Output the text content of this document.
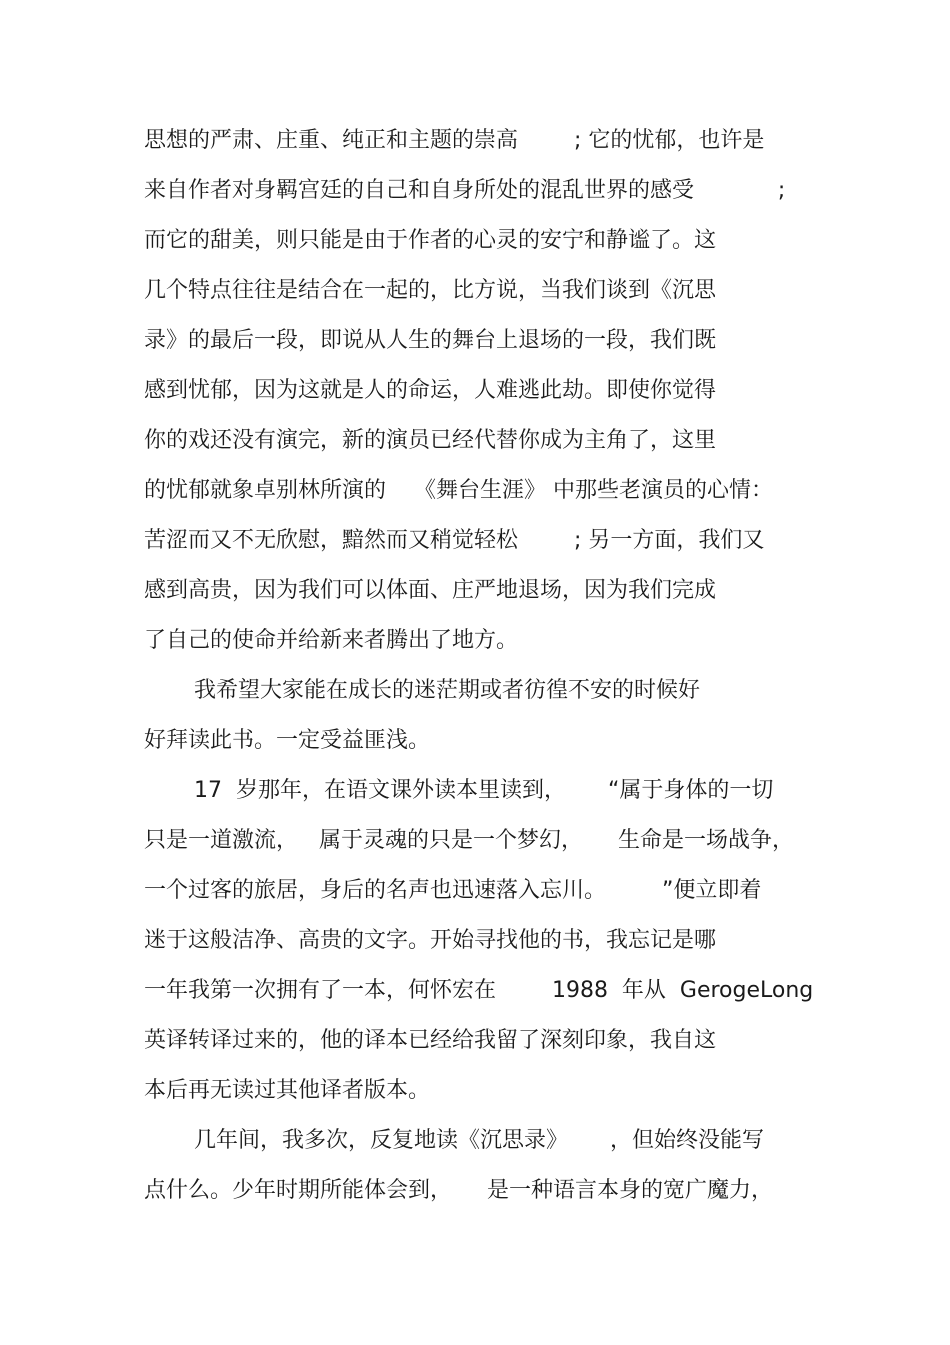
思想的严肃、庄重、纯正和主题的崇高        ; 它的忧郁，也许是

来自作者对身羁宫廷的自己和自身所处的混乱世界的感受            ;

而它的甜美，则只能是由于作者的心灵的安宁和静谧了。这

几个特点往往是结合在一起的，比方说，当我们谈到《沉思

录》的最后一段，即说从人生的舞台上退场的一段，我们既

感到忧郁，因为这就是人的命运，人难逃此劫。即使你觉得

你的戏还没有演完，新的演员已经代替你成为主角了，这里

的忧郁就象卓别林所演的    《舞台生涯》 中那些老演员的心情：

苦涩而又不无欣慰，黯然而又稍觉轻松        ; 另一方面，我们又

感到高贵，因为我们可以体面、庄严地退场，因为我们完成

了自己的使命并给新来者腾出了地方。

我希望大家能在成长的迷茫期或者彷徨不安的时候好

好拜读此书。一定受益匪浅。

17  岁那年，在语文课外读本里读到，      “属于身体的一切

只是一道激流，   属于灵魂的只是一个梦幻，     生命是一场战争，

一个过客的旅居，身后的名声也迅速落入忘川。        ”便立即着

迷于这般洁净、高贵的文字。开始寻找他的书，我忘记是哪

一年我第一次拥有了一本，何怀宏在        1988  年从  GerogeLong

英译转译过来的，他的译本已经给我留了深刻印象，我自这

本后再无读过其他译者版本。

几年间，我多次，反复地读《沉思录》      ，但始终没能写

点什么。少年时期所能体会到，     是一种语言本身的宽广魔力，
